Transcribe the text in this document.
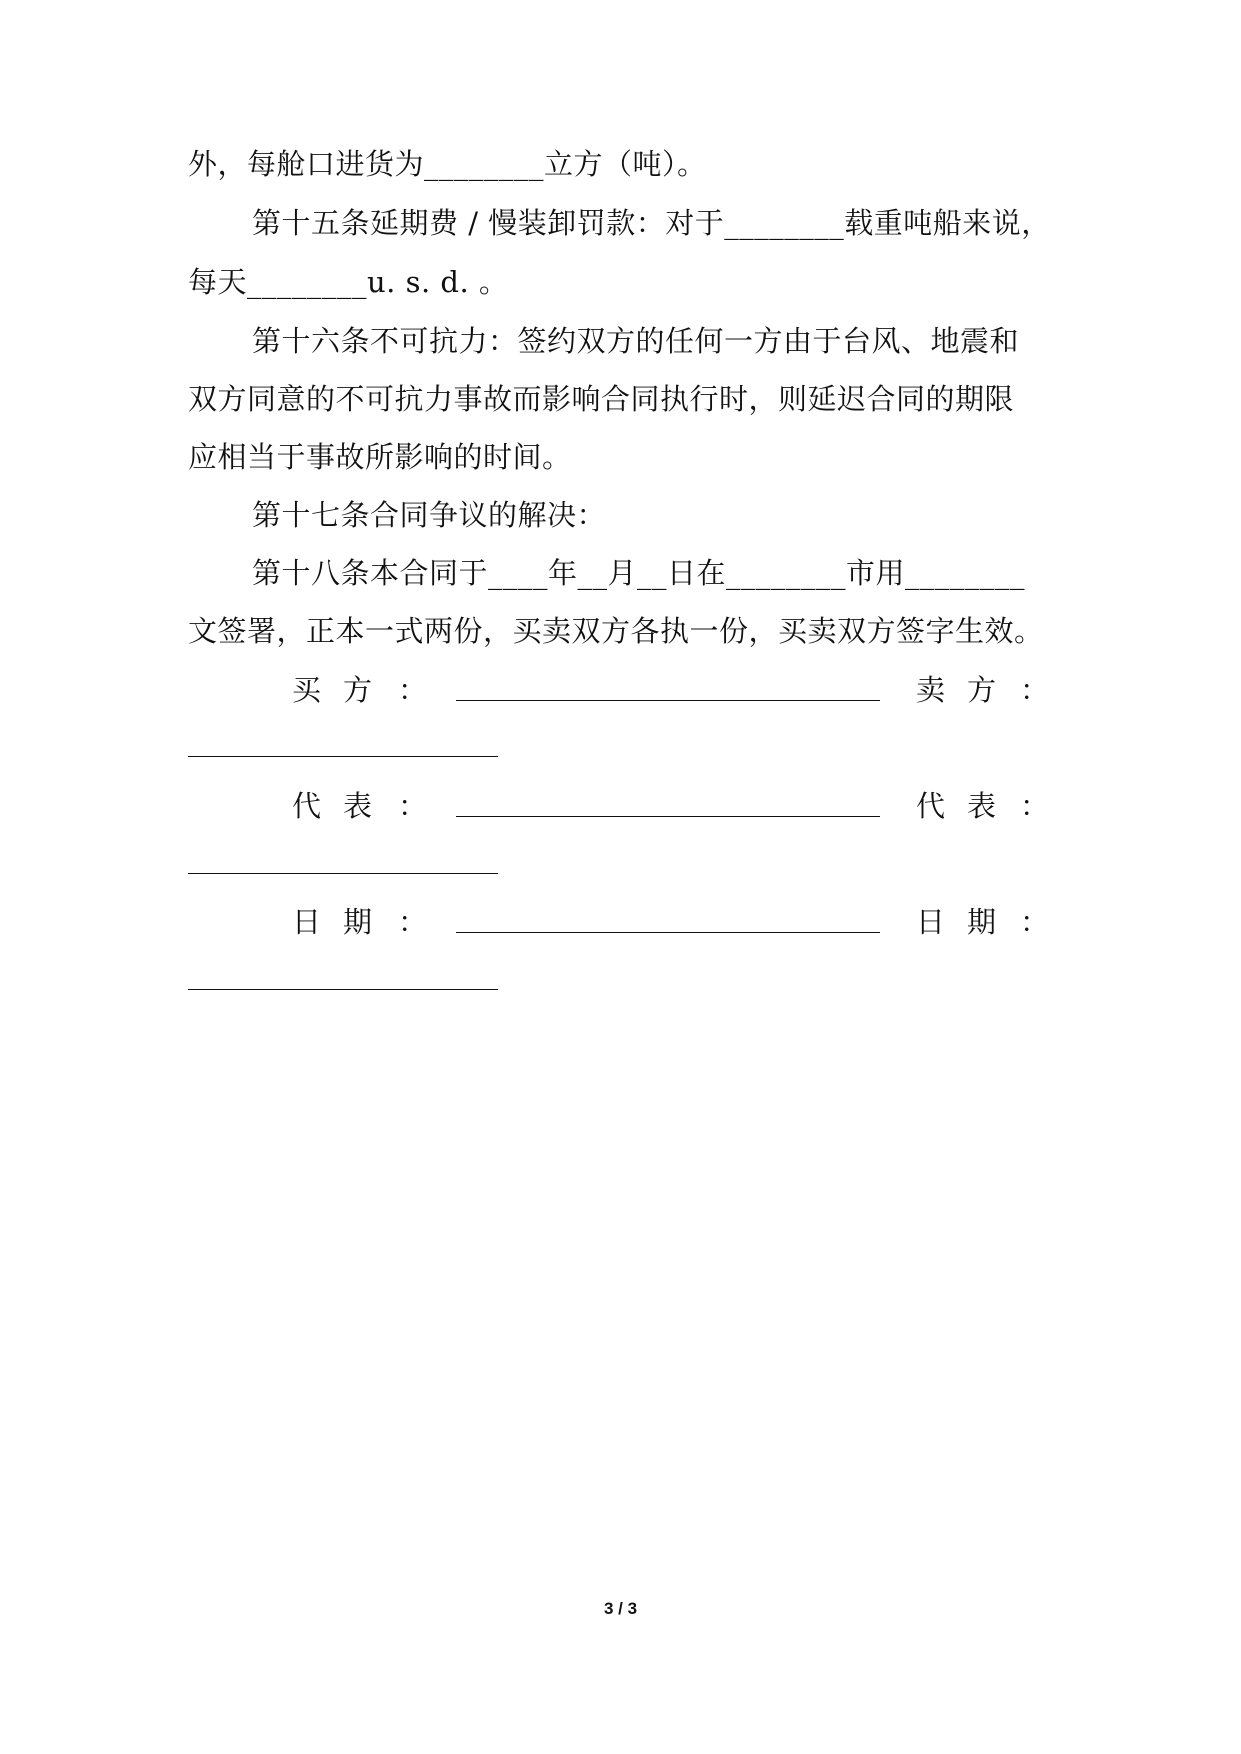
外，每舱口进货为________立方（吨）。
第十五条延期费 / 慢装卸罚款：对于________载重吨船来说，
每天________u. s. d. 。
第十六条不可抗力：签约双方的任何一方由于台风、地震和
双方同意的不可抗力事故而影响合同执行时，则延迟合同的期限
应相当于事故所影响的时间。
第十七条合同争议的解决：
第十八条本合同于____年__月__日在________市用________
文签署，正本一式两份，买卖双方各执一份，买卖双方签字生效。
买方 ：	卖方 ：
代表 ：	代表 ：
日期 ：	日期 ：
3 / 3
